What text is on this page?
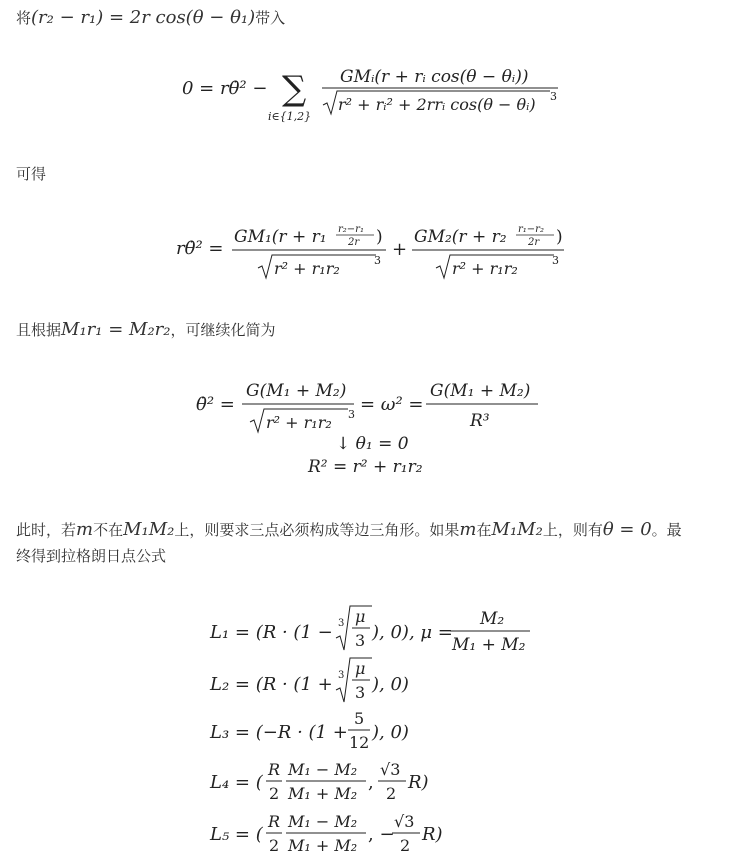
将(r₂ − r₁) = 2r cos(θ − θ₁)带入
0 = rθ̇² − ∑
i∈{1,2}
GMᵢ(r + rᵢ cos(θ − θᵢ))
r² + rᵢ² + 2rrᵢ cos(θ − θᵢ) 3
可得
rθ̇² =
GM₁(r + r₁ r₂−r₁
2r )
r² + r₁r₂	3
+
GM₂(r + r₂ r₁−r₂
2r )
r² + r₁r₂	3
且根据M₁r₁ = M₂r₂，可继续化简为
θ̇² =
G(M₁ + M₂)
r² + r₁r₂ 3 = ω² =
G(M₁ + M₂)
R³
↓ θ₁ = 0
R² = r² + r₁r₂
此时，若m不在M₁M₂上，则要求三点必须构成等边三角形。如果m在M₁M₂上，则有θ = 0。最
终得到拉格朗日点公式
L₁ = (R · (1 − 3 μ
3 ), 0), μ =
M₂
M₁ + M₂
L₂ = (R · (1 + 3 μ
3 ), 0)
L₃ = (−R · (1 +
5
12 ), 0)
L₄ = (
R
2
M₁ − M₂
M₁ + M₂
,
√3
2
R)
L₅ = (
R
2
M₁ − M₂
M₁ + M₂
, −
√3
2
R)
